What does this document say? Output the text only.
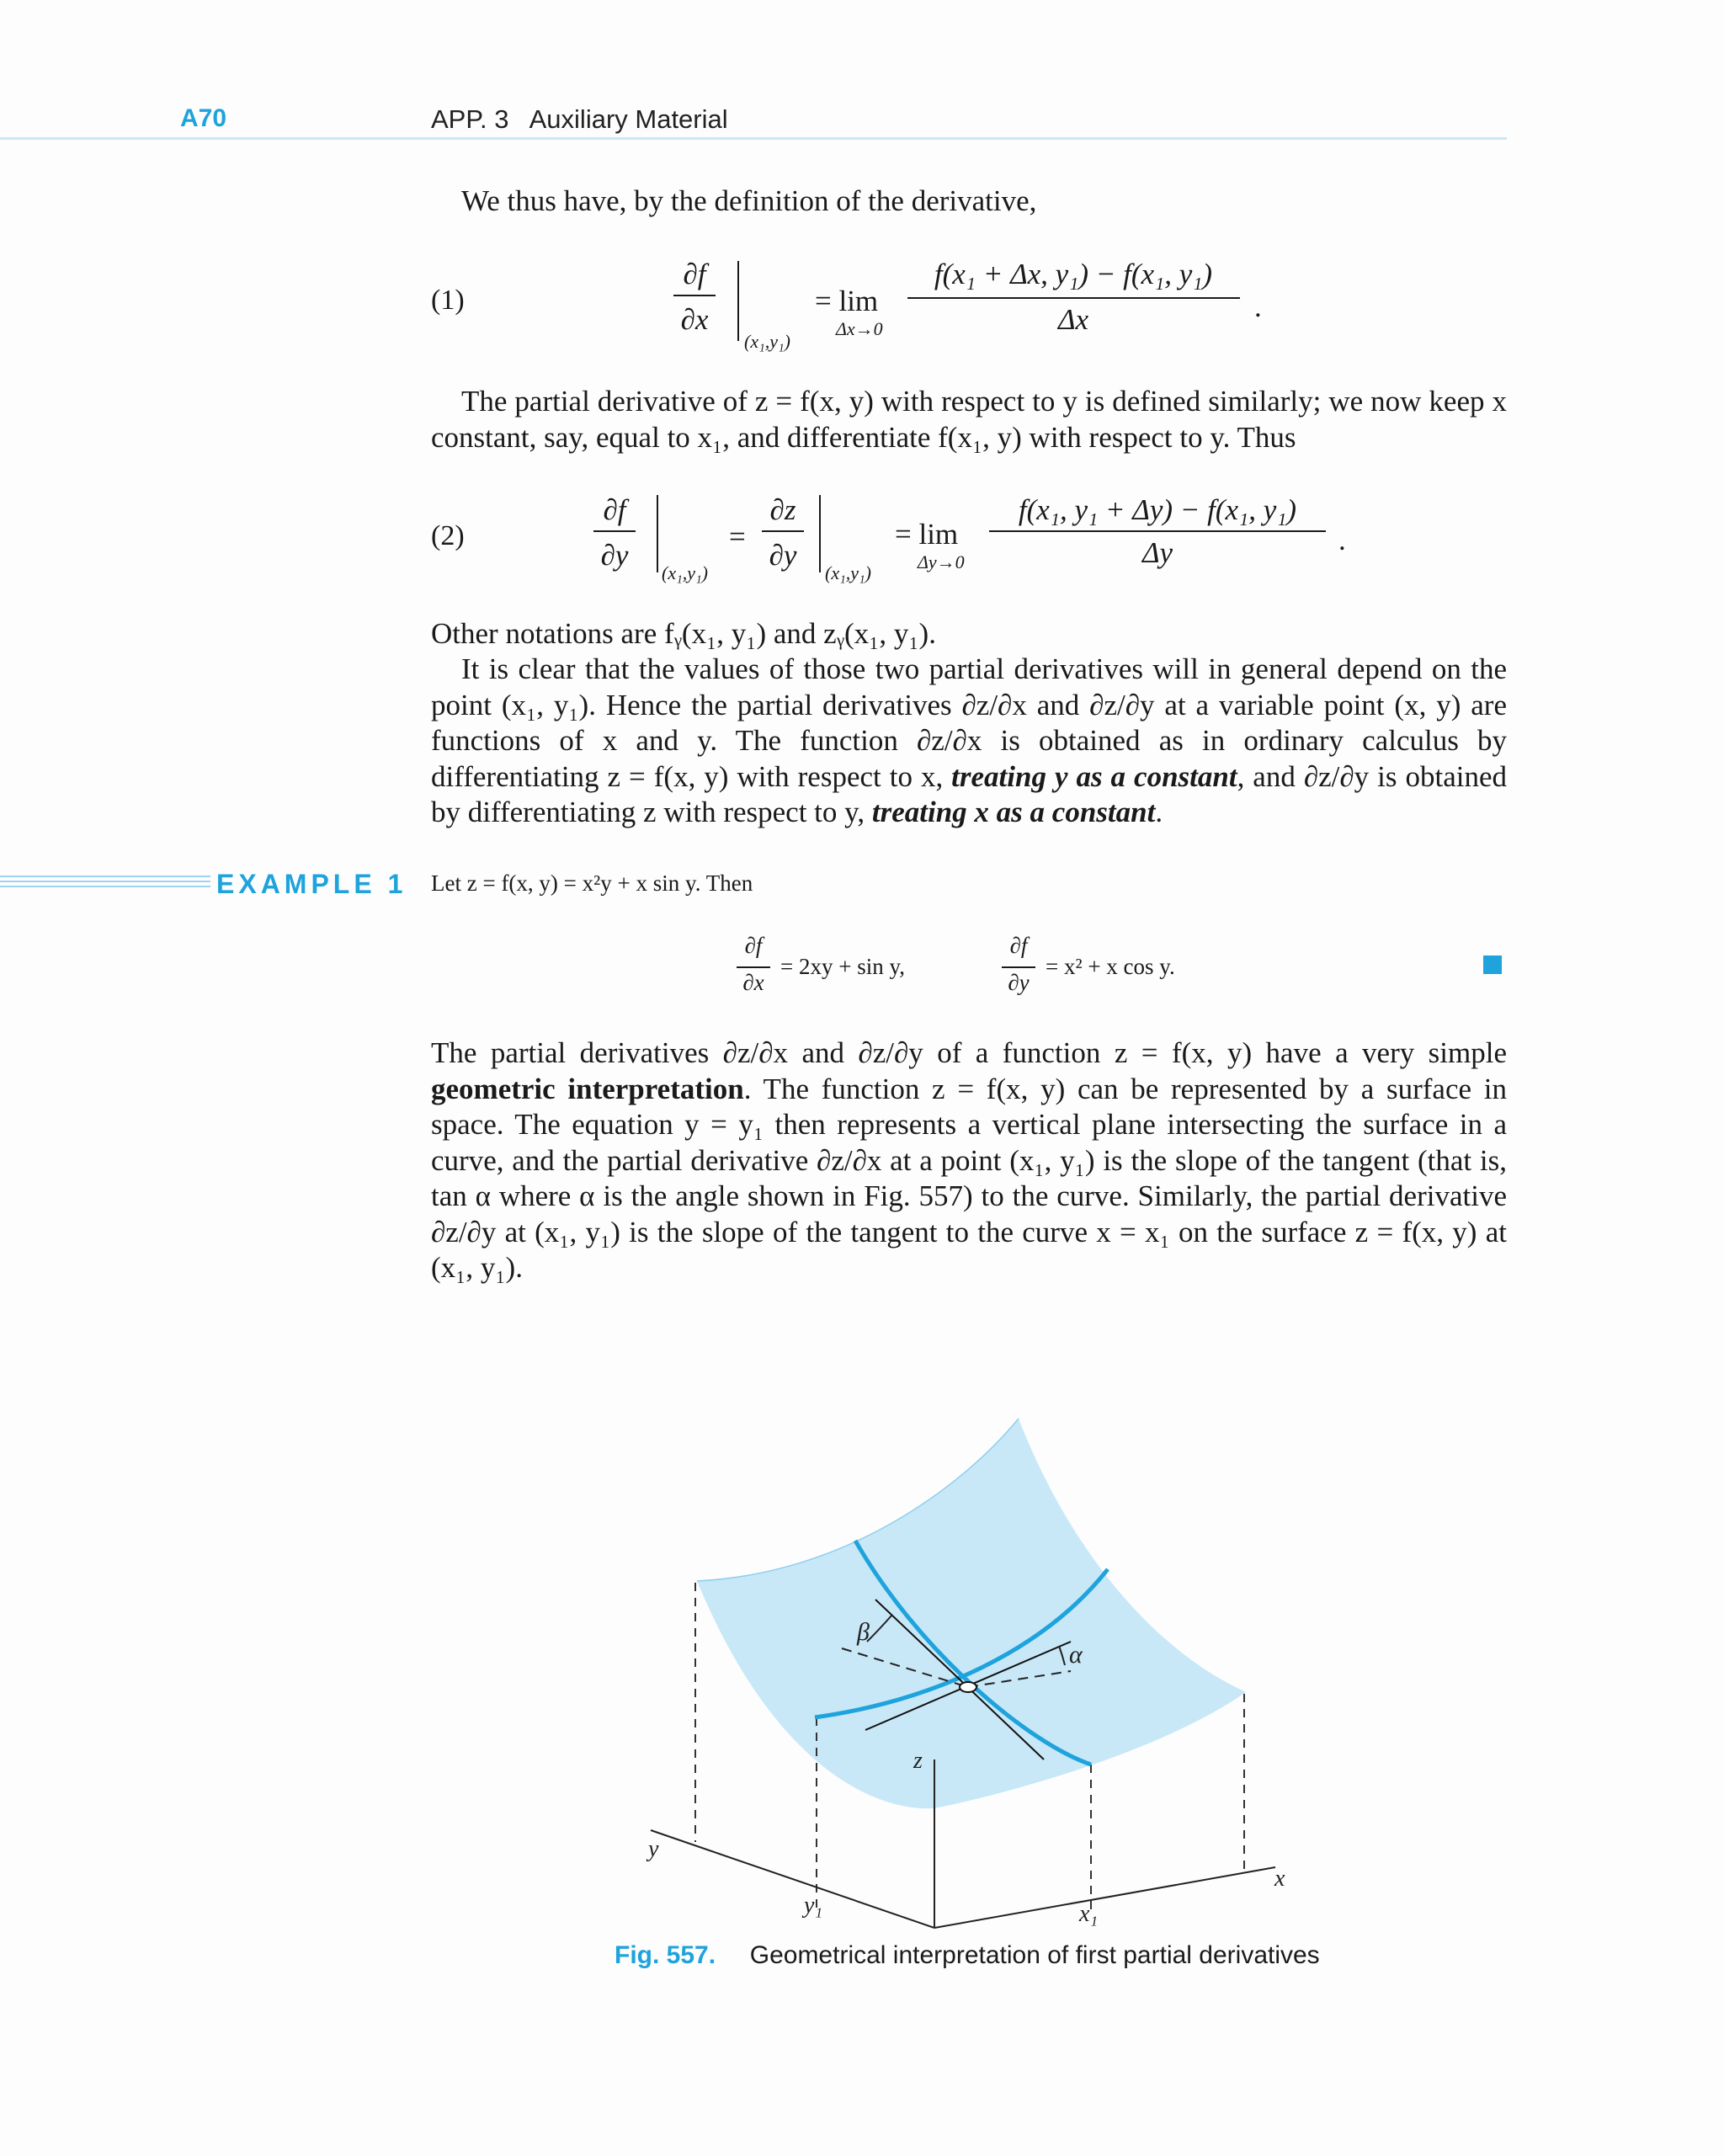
A70	APP. 3   Auxiliary Material
We thus have, by the definition of the derivative,
(1)
∂f
∂x
(x₁,y₁)
= lim
Δx→0
f(x₁ + Δx, y₁) − f(x₁, y₁)
Δx	.
The partial derivative of z = f(x, y) with respect to y is defined similarly; we now keep x constant, say, equal to x₁, and differentiate f(x₁, y) with respect to y. Thus
(2)
∂f
∂y
(x₁,y₁)
=
∂z
∂y
(x₁,y₁)
= lim
Δy→0
f(x₁, y₁ + Δy) − f(x₁, y₁)
Δy	.
Other notations are fᵧ(x₁, y₁) and zᵧ(x₁, y₁).
It is clear that the values of those two partial derivatives will in general depend on the point (x₁, y₁). Hence the partial derivatives ∂z/∂x and ∂z/∂y at a variable point (x, y) are functions of x and y. The function ∂z/∂x is obtained as in ordinary calculus by differentiating z = f(x, y) with respect to x, treating y as a constant, and ∂z/∂y is obtained by differentiating z with respect to y, treating x as a constant.
EXAMPLE 1 Let z = f(x, y) = x²y + x sin y. Then
∂f
∂x
= 2xy + sin y,
∂f
∂y
= x² + x cos y.
The partial derivatives ∂z/∂x and ∂z/∂y of a function z = f(x, y) have a very simple geometric interpretation. The function z = f(x, y) can be represented by a surface in space. The equation y = y₁ then represents a vertical plane intersecting the surface in a curve, and the partial derivative ∂z/∂x at a point (x₁, y₁) is the slope of the tangent (that is, tan α where α is the angle shown in Fig. 557) to the curve. Similarly, the partial derivative ∂z/∂y at (x₁, y₁) is the slope of the tangent to the curve x = x₁ on the surface z = f(x, y) at (x₁, y₁).
β
α
z
y
y₁
x
x₁
Fig. 557. Geometrical interpretation of first partial derivatives
